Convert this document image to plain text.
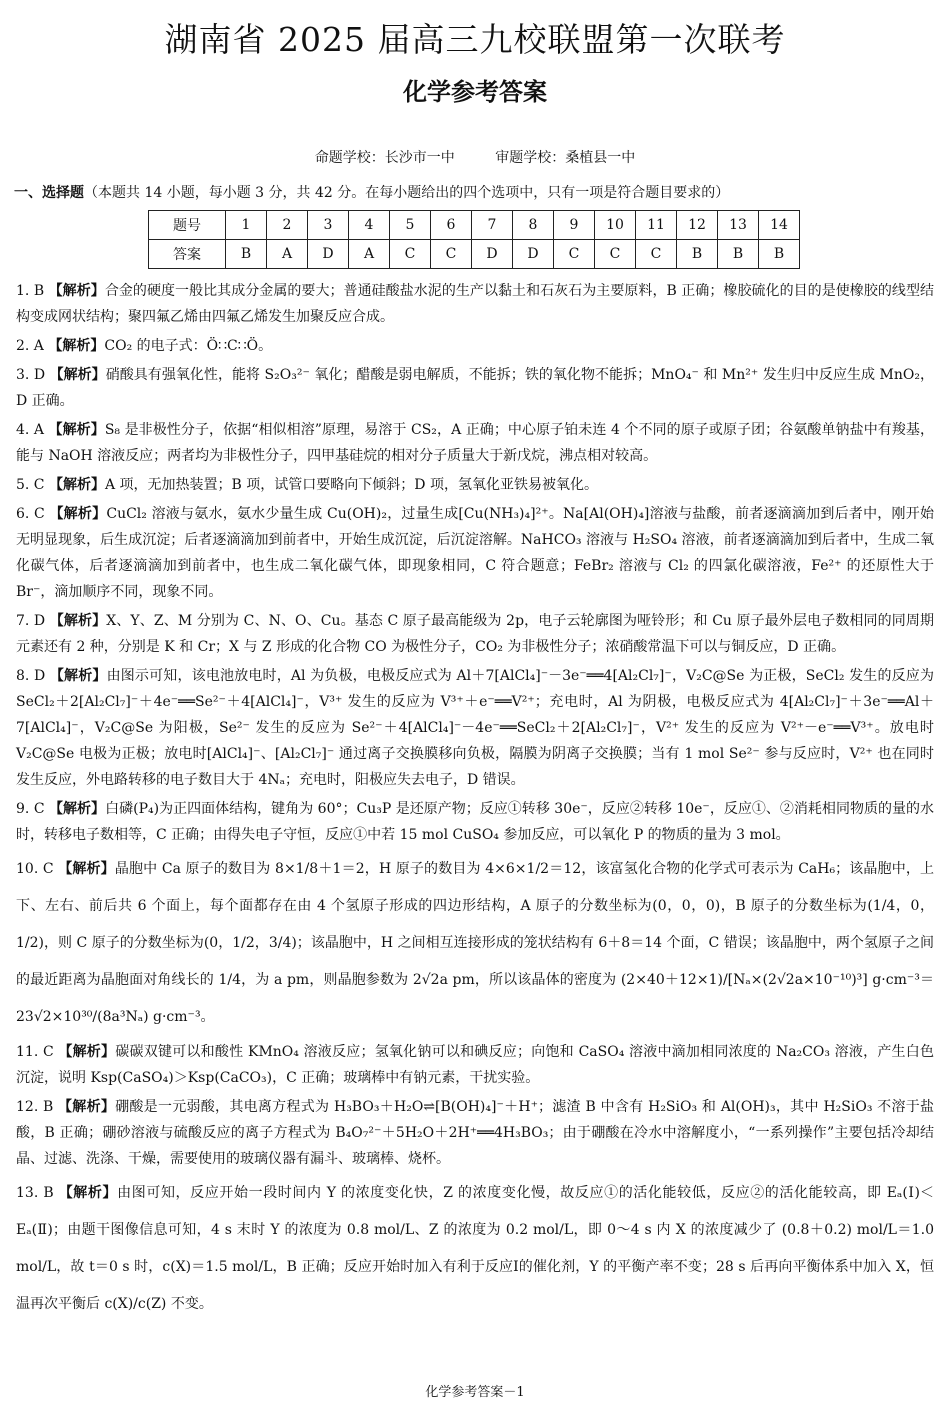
湖南省 2025 届高三九校联盟第一次联考
化学参考答案
命题学校：长沙市一中	审题学校：桑植县一中
一、选择题（本题共 14 小题，每小题 3 分，共 42 分。在每小题给出的四个选项中，只有一项是符合题目要求的）
题号	1	2	3	4	5	6	7	8	9	10	11	12	13	14
答案	B	A	D	A	C	C	D	D	C	C	C	B	B	B

1. B 【解析】合金的硬度一般比其成分金属的要大；普通硅酸盐水泥的生产以黏土和石灰石为主要原料，B 正确；橡胶硫化的目的是使橡胶的线型结构变成网状结构；聚四氟乙烯由四氟乙烯发生加聚反应合成。

2. A 【解析】CO₂ 的电子式：Ö∷C∷Ö。

3. D 【解析】硝酸具有强氧化性，能将 S₂O₃²⁻ 氧化；醋酸是弱电解质，不能拆；铁的氧化物不能拆；MnO₄⁻ 和 Mn²⁺ 发生归中反应生成 MnO₂，D 正确。

4. A 【解析】S₈ 是非极性分子，依据“相似相溶”原理，易溶于 CS₂，A 正确；中心原子铂未连 4 个不同的原子或原子团；谷氨酸单钠盐中有羧基，能与 NaOH 溶液反应；两者均为非极性分子，四甲基硅烷的相对分子质量大于新戊烷，沸点相对较高。

5. C 【解析】A 项，无加热装置；B 项，试管口要略向下倾斜；D 项，氢氧化亚铁易被氧化。

6. C 【解析】CuCl₂ 溶液与氨水，氨水少量生成 Cu(OH)₂，过量生成[Cu(NH₃)₄]²⁺。Na[Al(OH)₄]溶液与盐酸，前者逐滴滴加到后者中，刚开始无明显现象，后生成沉淀；后者逐滴滴加到前者中，开始生成沉淀，后沉淀溶解。NaHCO₃ 溶液与 H₂SO₄ 溶液，前者逐滴滴加到后者中，生成二氧化碳气体，后者逐滴滴加到前者中，也生成二氧化碳气体，即现象相同，C 符合题意；FeBr₂ 溶液与 Cl₂ 的四氯化碳溶液，Fe²⁺ 的还原性大于 Br⁻，滴加顺序不同，现象不同。

7. D 【解析】X、Y、Z、M 分别为 C、N、O、Cu。基态 C 原子最高能级为 2p，电子云轮廓图为哑铃形；和 Cu 原子最外层电子数相同的同周期元素还有 2 种，分别是 K 和 Cr；X 与 Z 形成的化合物 CO 为极性分子，CO₂ 为非极性分子；浓硝酸常温下可以与铜反应，D 正确。

8. D 【解析】由图示可知，该电池放电时，Al 为负极，电极反应式为 Al＋7[AlCl₄]⁻－3e⁻══4[Al₂Cl₇]⁻，V₂C@Se 为正极，SeCl₂ 发生的反应为 SeCl₂＋2[Al₂Cl₇]⁻＋4e⁻══Se²⁻＋4[AlCl₄]⁻，V³⁺ 发生的反应为 V³⁺＋e⁻══V²⁺；充电时，Al 为阴极，电极反应式为 4[Al₂Cl₇]⁻＋3e⁻══Al＋7[AlCl₄]⁻，V₂C@Se 为阳极，Se²⁻ 发生的反应为 Se²⁻＋4[AlCl₄]⁻－4e⁻══SeCl₂＋2[Al₂Cl₇]⁻，V²⁺ 发生的反应为 V²⁺－e⁻══V³⁺。放电时 V₂C@Se 电极为正极；放电时[AlCl₄]⁻、[Al₂Cl₇]⁻ 通过离子交换膜移向负极，隔膜为阴离子交换膜；当有 1 mol Se²⁻ 参与反应时，V²⁺ 也在同时发生反应，外电路转移的电子数目大于 4Nₐ；充电时，阳极应失去电子，D 错误。

9. C 【解析】白磷(P₄)为正四面体结构，键角为 60°；Cu₃P 是还原产物；反应①转移 30e⁻，反应②转移 10e⁻，反应①、②消耗相同物质的量的水时，转移电子数相等，C 正确；由得失电子守恒，反应①中若 15 mol CuSO₄ 参加反应，可以氧化 P 的物质的量为 3 mol。

10. C 【解析】晶胞中 Ca 原子的数目为 8×1/8＋1＝2，H 原子的数目为 4×6×1/2＝12，该富氢化合物的化学式可表示为 CaH₆；该晶胞中，上下、左右、前后共 6 个面上，每个面都存在由 4 个氢原子形成的四边形结构，A 原子的分数坐标为(0，0，0)，B 原子的分数坐标为(1/4，0，1/2)，则 C 原子的分数坐标为(0，1/2，3/4)；该晶胞中，H 之间相互连接形成的笼状结构有 6＋8＝14 个面，C 错误；该晶胞中，两个氢原子之间的最近距离为晶胞面对角线长的 1/4，为 a pm，则晶胞参数为 2√2a pm，所以该晶体的密度为 (2×40＋12×1)/[Nₐ×(2√2a×10⁻¹⁰)³] g·cm⁻³＝23√2×10³⁰/(8a³Nₐ) g·cm⁻³。

11. C 【解析】碳碳双键可以和酸性 KMnO₄ 溶液反应；氢氧化钠可以和碘反应；向饱和 CaSO₄ 溶液中滴加相同浓度的 Na₂CO₃ 溶液，产生白色沉淀，说明 Ksp(CaSO₄)＞Ksp(CaCO₃)，C 正确；玻璃棒中有钠元素，干扰实验。

12. B 【解析】硼酸是一元弱酸，其电离方程式为 H₃BO₃＋H₂O⇌[B(OH)₄]⁻＋H⁺；滤渣 B 中含有 H₂SiO₃ 和 Al(OH)₃，其中 H₂SiO₃ 不溶于盐酸，B 正确；硼砂溶液与硫酸反应的离子方程式为 B₄O₇²⁻＋5H₂O＋2H⁺══4H₃BO₃；由于硼酸在冷水中溶解度小，“一系列操作”主要包括冷却结晶、过滤、洗涤、干燥，需要使用的玻璃仪器有漏斗、玻璃棒、烧杯。

13. B 【解析】由图可知，反应开始一段时间内 Y 的浓度变化快，Z 的浓度变化慢，故反应①的活化能较低，反应②的活化能较高，即 Eₐ(Ⅰ)＜Eₐ(Ⅱ)；由题干图像信息可知，4 s 末时 Y 的浓度为 0.8 mol/L、Z 的浓度为 0.2 mol/L，即 0～4 s 内 X 的浓度减少了 (0.8＋0.2) mol/L＝1.0 mol/L，故 t＝0 s 时，c(X)＝1.5 mol/L，B 正确；反应开始时加入有利于反应Ⅰ的催化剂，Y 的平衡产率不变；28 s 后再向平衡体系中加入 X，恒温再次平衡后 c(X)/c(Z) 不变。

化学参考答案－1
